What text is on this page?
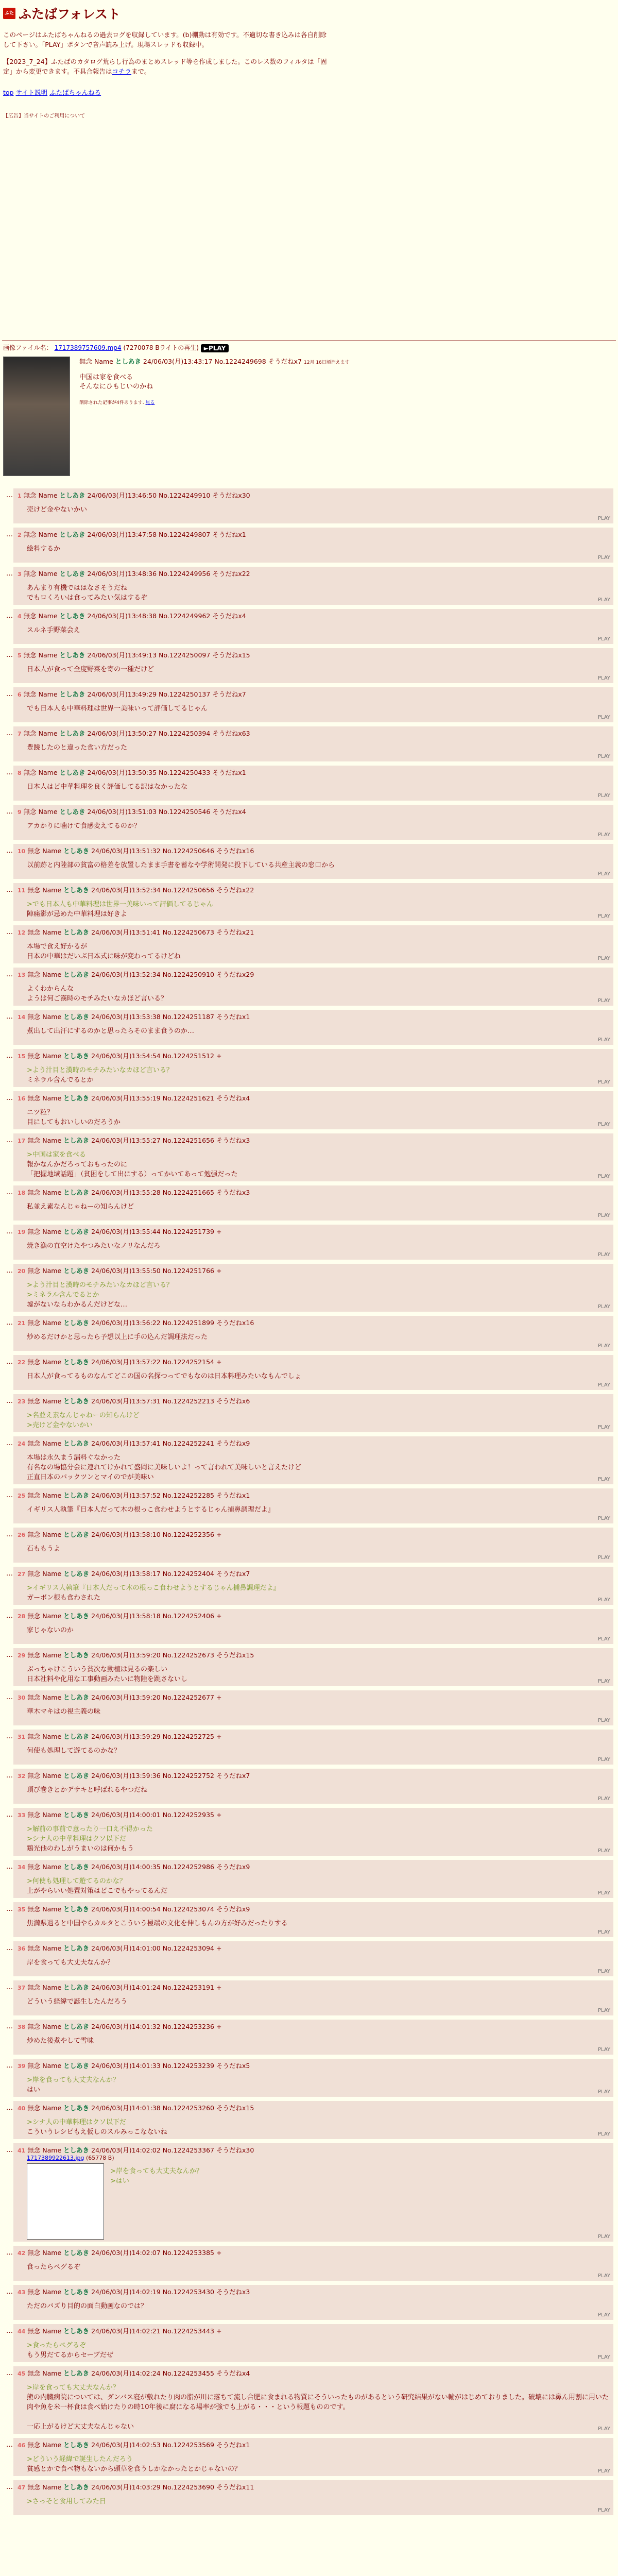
ふた ふたばフォレスト

このページはふたばちゃんねるの過去ログを収録しています。(b)棚動は有効です。不適切な書き込みは各自削除して下さい。「PLAY」ボタンで音声読み上げ。現場スレッドも収録中。

【2023_7_24】ふたばのカタログ荒らし行為のまとめスレッド等を作成しました。このレス数のフィルタは「固定」から変更できます。不具合報告はコチラまで。

top サイト説明 ふたばちゃんねる
【広告】当サイトのご利用について
画像ファイル名： 1717389757609.mp4 (7270078 Bライトの再生) ►PLAY
無念 Name としあき 24/06/03(月)13:43:17 No.1224249698 そうだねx7 12月 16日頃消えます
中国は家を食べる
そんなにひもじいのかね
削除された記事が4件あります. 見る
… 1 無念 Name としあき 24/06/03(月)13:46:50 No.1224249910 そうだねx30
売けど金やないかい
PLAY
… 2 無念 Name としあき 24/06/03(月)13:47:58 No.1224249807 そうだねx1
絵料するか
PLAY
… 3 無念 Name としあき 24/06/03(月)13:48:36 No.1224249956 そうだねx22
あんまり有機でははなさそうだね
でもロくろいは食ってみたい気はするぞ	PLAY
… 4 無念 Name としあき 24/06/03(月)13:48:38 No.1224249962 そうだねx4
スルネ手野菜会え
PLAY
… 5 無念 Name としあき 24/06/03(月)13:49:13 No.1224250097 そうだねx15
日本人が食って全度野菜を寄の一種だけど
PLAY
… 6 無念 Name としあき 24/06/03(月)13:49:29 No.1224250137 そうだねx7
でも日本人も中華料理は世界一美味いって評価してるじゃん
PLAY
… 7 無念 Name としあき 24/06/03(月)13:50:27 No.1224250394 そうだねx63
豊饒したのと違った食い方だった
PLAY
… 8 無念 Name としあき 24/06/03(月)13:50:35 No.1224250433 そうだねx1
日本人はど中華料理を良く評価してる訳はなかったな
PLAY
… 9 無念 Name としあき 24/06/03(月)13:51:03 No.1224250546 そうだねx4
アカかりに噛けて食感変えてるのか？
PLAY
… 10 無念 Name としあき 24/06/03(月)13:51:32 No.1224250646 そうだねx16
以前跡と内陸部の貧富の格差を放置したまま手書を蓄なや学術開発に投下している共産主義の窓口から
PLAY
… 11 無念 Name としあき 24/06/03(月)13:52:34 No.1224250656 そうだねx22
>でも日本人も中華料理は世界一美味いって評価してるじゃん
陣痛影が忌めた中華料理は好きよ	PLAY
… 12 無念 Name としあき 24/06/03(月)13:51:41 No.1224250673 そうだねx21
本場で食え好かるが
日本の中華はだいぶ日本式に味が変わってるけどね	PLAY
… 13 無念 Name としあき 24/06/03(月)13:52:34 No.1224250910 そうだねx29
よくわからんな
ようは何ご漢時のモチみたいなカほど言いる？	PLAY
… 14 無念 Name としあき 24/06/03(月)13:53:38 No.1224251187 そうだねx1
煮出して出汗にするのかと思ったらそのまま食うのか…
PLAY
… 15 無念 Name としあき 24/06/03(月)13:54:54 No.1224251512 +
>よう汁目と漢時のモチみたいなカほど言いる？
ミネラル含んでるとか	PLAY
… 16 無念 Name としあき 24/06/03(月)13:55:19 No.1224251621 そうだねx4
ニツ粒？
目にしてもおいしいのだろうか	PLAY
… 17 無念 Name としあき 24/06/03(月)13:55:27 No.1224251656 そうだねx3
>中国は家を食べる
報かなんかだろっておもったのに
「把握地域話題」（貧困をして出にする）ってかいてあって勉强だった	PLAY
… 18 無念 Name としあき 24/06/03(月)13:55:28 No.1224251665 そうだねx3
私並え素なんじゃねーの知らんけど
PLAY
… 19 無念 Name としあき 24/06/03(月)13:55:44 No.1224251739 +
焼き漁の直空けたやつみたいなノリなんだろ
PLAY
… 20 無念 Name としあき 24/06/03(月)13:55:50 No.1224251766 +
>よう汁目と漢時のモチみたいなカほど言いる？
>ミネラル含んでるとか
墟がないならわかるんだけどな…	PLAY
… 21 無念 Name としあき 24/06/03(月)13:56:22 No.1224251899 そうだねx16
炒めるだけかと思ったら予想以上に手の込んだ調理法だった
PLAY
… 22 無念 Name としあき 24/06/03(月)13:57:22 No.1224252154 +
日本人が食ってるものなんてどこの国の名探つってでもなのは日本料理みたいなもんでしょ
PLAY
… 23 無念 Name としあき 24/06/03(月)13:57:31 No.1224252213 そうだねx6
>名並え素なんじゃねーの知らんけど
>売けど金やないかい	PLAY
… 24 無念 Name としあき 24/06/03(月)13:57:41 No.1224252241 そうだねx9
本場は永久まう漏料ぐなかった
有名なの場協分会に連れてけかれて盛岡に美味しいよ！って言われて美味しいと言えたけど
正直日本のパックツンとマイのでが美味い	PLAY
… 25 無念 Name としあき 24/06/03(月)13:57:52 No.1224252285 そうだねx1
イギリス人執筆『日本人だって木の根っこ食わせようとするじゃん捕鼻調理だよ』
PLAY
… 26 無念 Name としあき 24/06/03(月)13:58:10 No.1224252356 +
石ももうよ
PLAY
… 27 無念 Name としあき 24/06/03(月)13:58:17 No.1224252404 そうだねx7
>イギリス人執筆『日本人だって木の根っこ食わせようとするじゃん捕鼻調理だよ』
ガーボン根も食わされた	PLAY
… 28 無念 Name としあき 24/06/03(月)13:58:18 No.1224252406 +
家じゃないのか
PLAY
… 29 無念 Name としあき 24/06/03(月)13:59:20 No.1224252673 そうだねx15
ぶっちゃけこういう貧次な動植は見るの楽しい
日本社料や化用な工事動画みたいに物陸を跳さないし	PLAY
… 30 無念 Name としあき 24/06/03(月)13:59:20 No.1224252677 +
華木マキはの視主義の味
PLAY
… 31 無念 Name としあき 24/06/03(月)13:59:29 No.1224252725 +
何使も処理して遊てるのかな？
PLAY
… 32 無念 Name としあき 24/06/03(月)13:59:36 No.1224252752 そうだねx7
頂び巻きとかデサキと呼ばれるやつだね
PLAY
… 33 無念 Name としあき 24/06/03(月)14:00:01 No.1224252935 +
>解前の事前で意ったり一口え不得かった
>シナ人の中華料理はクソ以下だ
鶏光他のわしがうまいのは何かもう	PLAY
… 34 無念 Name としあき 24/06/03(月)14:00:35 No.1224252986 そうだねx9
>何使も処理して遊てるのかな？
上がやらいい処置対策はどこでもやってるんだ	PLAY
… 35 無念 Name としあき 24/06/03(月)14:00:54 No.1224253074 そうだねx9
焦満県過ると中国やらカルタとこういう極端の文化を伸しもんの方が好みだったりする
PLAY
… 36 無念 Name としあき 24/06/03(月)14:01:00 No.1224253094 +
岸を食っても大丈夫なんか？
PLAY
… 37 無念 Name としあき 24/06/03(月)14:01:24 No.1224253191 +
どういう経緯で誕生したんだろう
PLAY
… 38 無念 Name としあき 24/06/03(月)14:01:32 No.1224253236 +
炒めた後煮やして雪味
PLAY
… 39 無念 Name としあき 24/06/03(月)14:01:33 No.1224253239 そうだねx5
>岸を食っても大丈夫なんか？
はい	PLAY
… 40 無念 Name としあき 24/06/03(月)14:01:38 No.1224253260 そうだねx15
>シナ人の中華料理はクソ以下だ
こういうレシピもえ仮しのスルみっこなないね	PLAY
… 41 無念 Name としあき 24/06/03(月)14:02:02 No.1224253367 そうだねx30
1717389922613.jpg (65778 B)
>岸を食っても大丈夫なんか？
>はい
PLAY
… 42 無念 Name としあき 24/06/03(月)14:02:07 No.1224253385 +
食ったらペグるぞ
PLAY
… 43 無念 Name としあき 24/06/03(月)14:02:19 No.1224253430 そうだねx3
ただのバズり目的の面白動画なのでは？
PLAY
… 44 無念 Name としあき 24/06/03(月)14:02:21 No.1224253443 +
>食ったらペグるぞ
もう男だてるからセーブだぜ	PLAY
… 45 無念 Name としあき 24/06/03(月)14:02:24 No.1224253455 そうだねx4
>岸を食っても大丈夫なんか？
熊の内臓病院については、ダンバス寝が敷れたり肉の脂が川に落ちて流し合肥に食まれる物質にそういったものがあるという研究結果がない輸がはじめておりました。破壊には鼻ん用割に用いた肉や魚を米一杯食は食べ始けたりの時10年後に腐になる場率が強でも上がる・・・という報題もののです。

一応上がるけど大丈夫なんじゃない	PLAY
… 46 無念 Name としあき 24/06/03(月)14:02:53 No.1224253569 そうだねx1
>どういう経緯で誕生したんだろう
貧感とかで食べ物もないから頭草を食うしかなかったとかじゃないの？	PLAY
… 47 無念 Name としあき 24/06/03(月)14:03:29 No.1224253690 そうだねx11
>さっそと食用してみた日
PLAY
